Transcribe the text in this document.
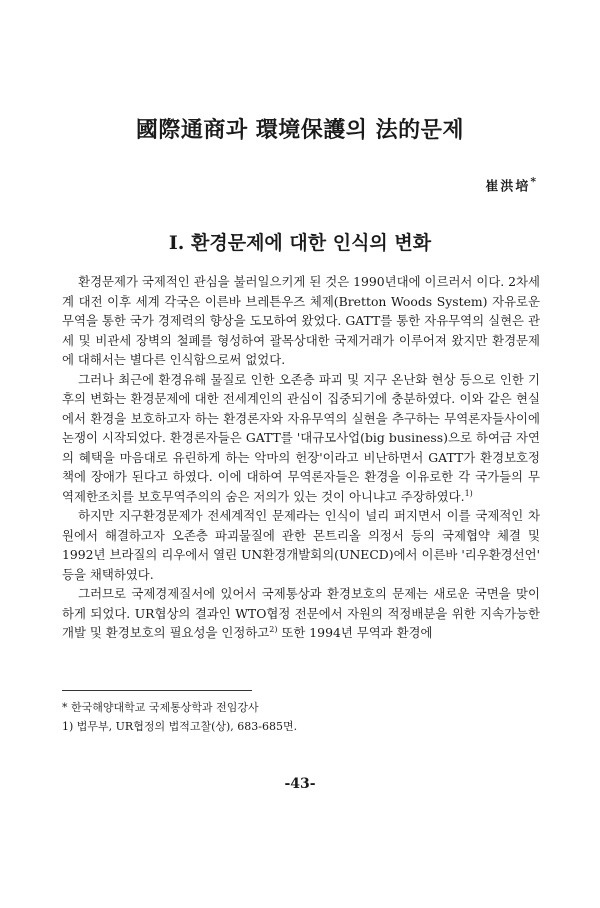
國際通商과 環境保護의 法的문제
崔洪培*
I. 환경문제에 대한 인식의 변화

환경문제가 국제적인 관심을 불러일으키게 된 것은 1990년대에 이르러서 이다. 2차세계 대전 이후 세계 각국은 이른바 브레튼우즈 체제(Bretton Woods System) 자유로운 무역을 통한 국가 경제력의 향상을 도모하여 왔었다. GATT를 통한 자유무역의 실현은 관세 및 비관세 장벽의 철폐를 형성하여 괄목상대한 국제거래가 이루어져 왔지만 환경문제에 대해서는 별다른 인식함으로써 없었다.

그러나 최근에 환경유해 물질로 인한 오존층 파괴 및 지구 온난화 현상 등으로 인한 기후의 변화는 환경문제에 대한 전세계인의 관심이 집중되기에 충분하였다. 이와 같은 현실에서 환경을 보호하고자 하는 환경론자와 자유무역의 실현을 추구하는 무역론자들사이에 논쟁이 시작되었다. 환경론자들은 GATT를 '대규모사업(big business)으로 하여금 자연의 혜택을 마음대로 유린하게 하는 악마의 헌장'이라고 비난하면서 GATT가 환경보호정책에 장애가 된다고 하였다. 이에 대하여 무역론자들은 환경을 이유로한 각 국가들의 무역제한조치를 보호무역주의의 숨은 저의가 있는 것이 아니냐고 주장하였다.$^{1)}$

하지만 지구환경문제가 전세계적인 문제라는 인식이 널리 퍼지면서 이를 국제적인 차원에서 해결하고자 오존층 파괴물질에 관한 몬트리올 의정서 등의 국제협약 체결 및 1992년 브라질의 리우에서 열린 UN환경개발회의(UNECD)에서 이른바 '리우환경선언' 등을 채택하였다.

그러므로 국제경제질서에 있어서 국제통상과 환경보호의 문제는 새로운 국면을 맞이하게 되었다. UR협상의 결과인 WTO협정 전문에서 자원의 적정배분을 위한 지속가능한 개발 및 환경보호의 필요성을 인정하고$^{2)}$ 또한 1994년 무역과 환경에

* 한국해양대학교 국제통상학과 전임강사
1) 법무부, UR협정의 법적고찰(상), 683-685면.
-43-
